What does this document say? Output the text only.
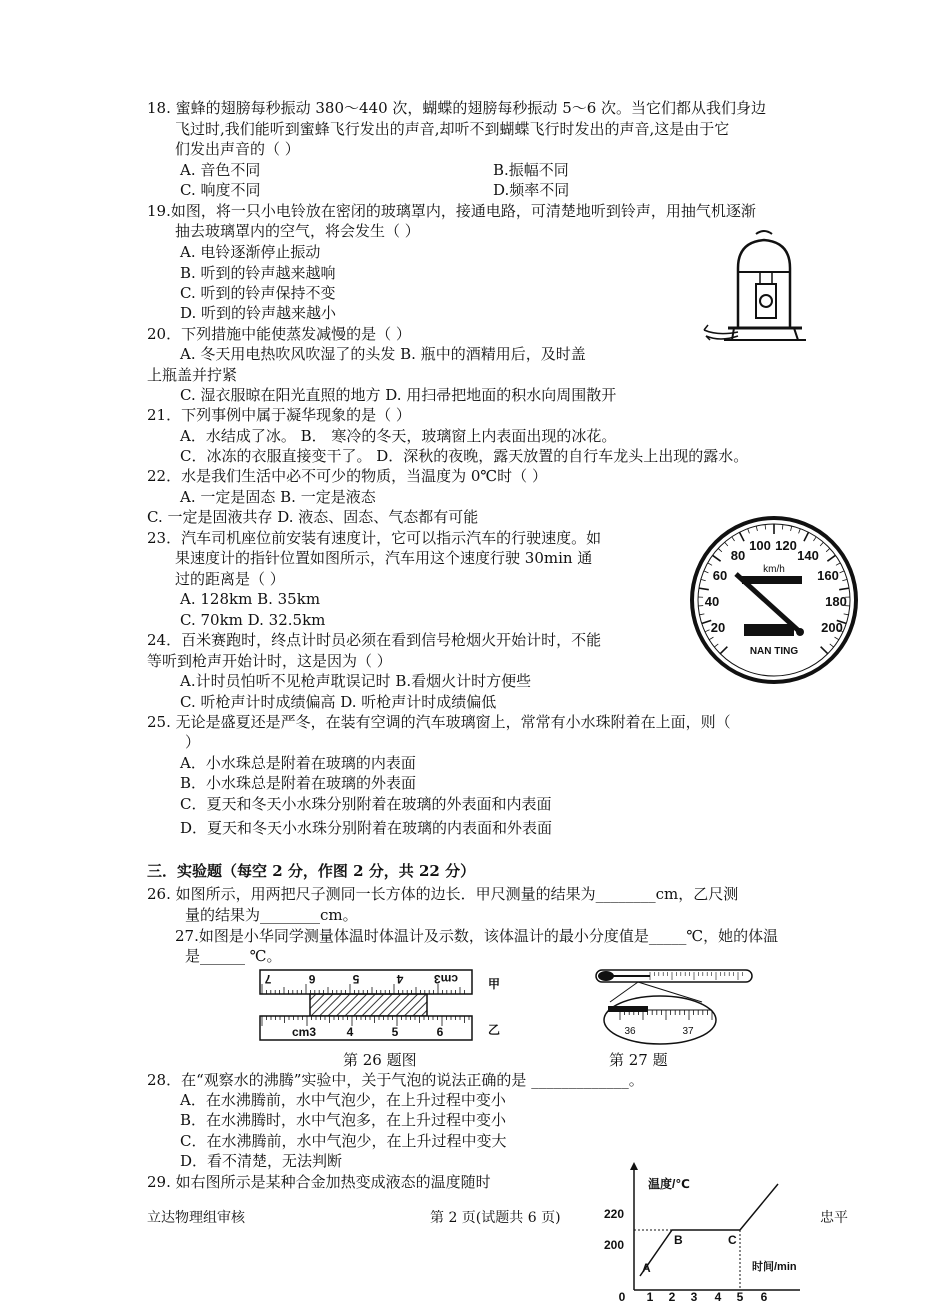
18. 蜜蜂的翅膀每秒振动 380～440 次，蝴蝶的翅膀每秒振动 5～6 次。当它们都从我们身边
飞过时,我们能听到蜜蜂飞行发出的声音,却听不到蝴蝶飞行时发出的声音,这是由于它
们发出声音的（ ）
A. 音色不同	B.振幅不同
C. 响度不同	D.频率不同
19.如图，将一只小电铃放在密闭的玻璃罩内，接通电路，可清楚地听到铃声，用抽气机逐渐
抽去玻璃罩内的空气，将会发生（ ）
A. 电铃逐渐停止振动
B. 听到的铃声越来越响
C. 听到的铃声保持不变
D. 听到的铃声越来越小
20．下列措施中能使蒸发减慢的是（ ）
A. 冬天用电热吹风吹湿了的头发 B. 瓶中的酒精用后，及时盖
上瓶盖并拧紧
C. 湿衣服晾在阳光直照的地方 D. 用扫帚把地面的积水向周围散开
21．下列事例中属于凝华现象的是（ ）
A．水结成了冰。 B． 寒冷的冬天，玻璃窗上内表面出现的冰花。
C．冰冻的衣服直接变干了。 D．深秋的夜晚，露天放置的自行车龙头上出现的露水。
22．水是我们生活中必不可少的物质，当温度为 0℃时（ ）
A. 一定是固态 B. 一定是液态
C. 一定是固液共存 D. 液态、固态、气态都有可能
23．汽车司机座位前安装有速度计，它可以指示汽车的行驶速度。如
果速度计的指针位置如图所示，汽车用这个速度行驶 30min 通
过的距离是（ ）
A. 128km B. 35km
C. 70km D. 32.5km	20
40
60
80
100 120
140
160
180
200
km/h
NAN TING
24．百米赛跑时，终点计时员必须在看到信号枪烟火开始计时，不能
等听到枪声开始计时，这是因为（ ）
A.计时员怕听不见枪声耽误记时 B.看烟火计时方便些
C. 听枪声计时成绩偏高 D. 听枪声计时成绩偏低
25. 无论是盛夏还是严冬，在装有空调的汽车玻璃窗上，常常有小水珠附着在上面，则（
）
A．小水珠总是附着在玻璃的内表面
B．小水珠总是附着在玻璃的外表面
C．夏天和冬天小水珠分别附着在玻璃的外表面和内表面
D．夏天和冬天小水珠分别附着在玻璃的内表面和外表面
三．实验题（每空 2 分，作图 2 分，共 22 分）
26. 如图所示，用两把尺子测同一长方体的边长．甲尺测量的结果为________cm，乙尺测
量的结果为________cm。
27.如图是小华同学测量体温时体温计及示数，该体温计的最小分度值是_____℃，她的体温
是______ ℃。
7	6	5	4	cm3
cm3	4	5	6
甲
乙	36	37
第 26 题图	第 27 题
28．在“观察水的沸腾”实验中，关于气泡的说法正确的是 _____________。
A．在水沸腾前，水中气泡少，在上升过程中变小
B．在水沸腾时，水中气泡多，在上升过程中变小
C．在水沸腾前，水中气泡少，在上升过程中变大
D．看不清楚，无法判断
29. 如右图所示是某种合金加热变成液态的温度随时	温度/℃
时间/min
220
200
A
B	C
0 1 2 3 4 5 6
立达物理组审核	第 2 页(试题共 6 页)	忠平
